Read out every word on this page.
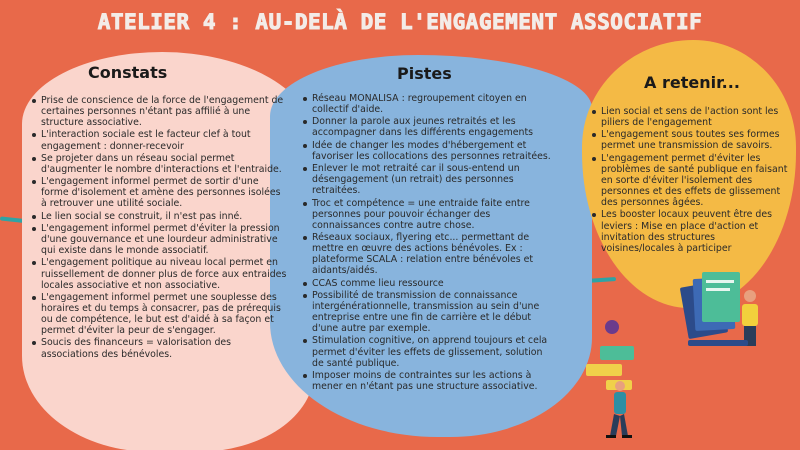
ATELIER 4 : AU-DELÀ DE L'ENGAGEMENT ASSOCIATIF
Constats
Prise de conscience de la force de l'engagement de certaines personnes n'étant pas affilié à une structure associative.
L'interaction sociale est le facteur clef à tout engagement : donner-recevoir
Se projeter dans un réseau social permet d'augmenter le nombre d'interactions et l'entraide.
L'engagement informel permet de sortir d'une forme d'isolement et amène des personnes isolées à retrouver une utilité sociale.
Le lien social se construit, il n'est pas inné.
L'engagement informel permet d'éviter la pression d'une gouvernance et une lourdeur administrative qui existe dans le monde associatif.
L'engagement politique au niveau local permet en ruissellement de donner plus de force aux entraides locales associative et non associative.
L'engagement informel permet une souplesse des horaires et du temps à consacrer, pas de prérequis ou de compétence, le but est d'aidé à sa façon et permet d'éviter la peur de s'engager.
Soucis des financeurs = valorisation des associations des bénévoles.
Pistes
Réseau MONALISA : regroupement citoyen en collectif d'aide.
Donner la parole aux jeunes retraités et les accompagner dans les différents engagements
Idée de changer les modes d'hébergement et favoriser les collocations des personnes retraitées.
Enlever le mot retraité car il sous-entend un désengagement (un retrait) des personnes retraitées.
Troc et compétence = une entraide faite entre personnes pour pouvoir échanger des connaissances contre autre chose.
Réseaux sociaux, flyering etc... permettant de mettre en œuvre des actions bénévoles. Ex : plateforme SCALA : relation entre bénévoles et aidants/aidés.
CCAS comme lieu ressource
Possibilité de transmission de connaissance intergénérationnelle, transmission au sein d'une entreprise entre une fin de carrière et le début d'une autre par exemple.
Stimulation cognitive, on apprend toujours et cela permet d'éviter les effets de glissement, solution de santé publique.
Imposer moins de contraintes sur les actions à mener en n'étant pas une structure associative.
A retenir...
Lien social et sens de l'action sont les piliers de l'engagement
L'engagement sous toutes ses formes permet une transmission de savoirs.
L'engagement permet d'éviter les problèmes de santé publique en faisant en sorte d'éviter l'isolement des personnes et des effets de glissement des personnes âgées.
Les booster locaux peuvent être des leviers : Mise en place d'action et invitation des structures voisines/locales à participer
